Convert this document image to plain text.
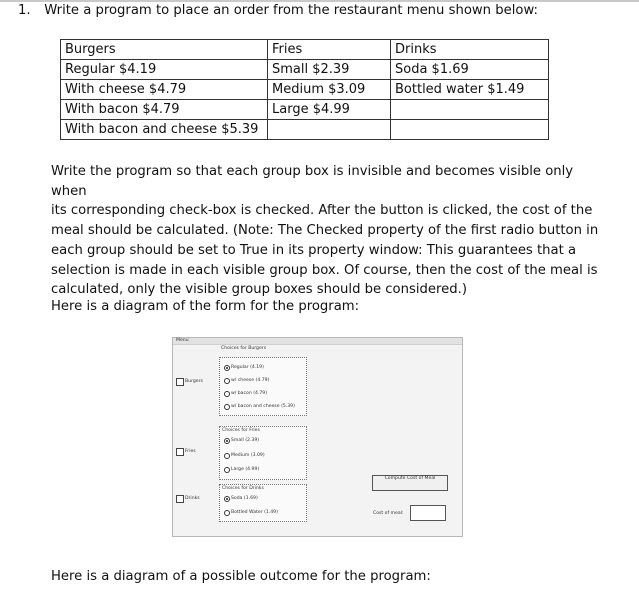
1. Write a program to place an order from the restaurant menu shown below:
Burgers	Fries	Drinks
Regular $4.19	Small $2.39	Soda $1.69
With cheese $4.79	Medium $3.09	Bottled water $1.49
With bacon $4.79	Large $4.99	
With bacon and cheese $5.39		
Write the program so that each group box is invisible and becomes visible only when
its corresponding check-box is checked. After the button is clicked, the cost of the
meal should be calculated. (Note: The Checked property of the first radio button in
each group should be set to True in its property window: This guarantees that a
selection is made in each visible group box. Of course, then the cost of the meal is
calculated, only the visible group boxes should be considered.)
Here is a diagram of the form for the program:
Menu
Burgers
Fries
Drinks
Choices for Burgers
Regular (4.19)
w/ cheese (4.79)
w/ bacon (4.79)
w/ bacon and cheese (5.39)
Choices for Fries
Small (2.39)
Medium (3.09)
Large (4.99)
Choices for Drinks
Soda (1.69)
Bottled Water (1.49)
Compute Cost of Meal
Cost of meal:
Here is a diagram of a possible outcome for the program:
